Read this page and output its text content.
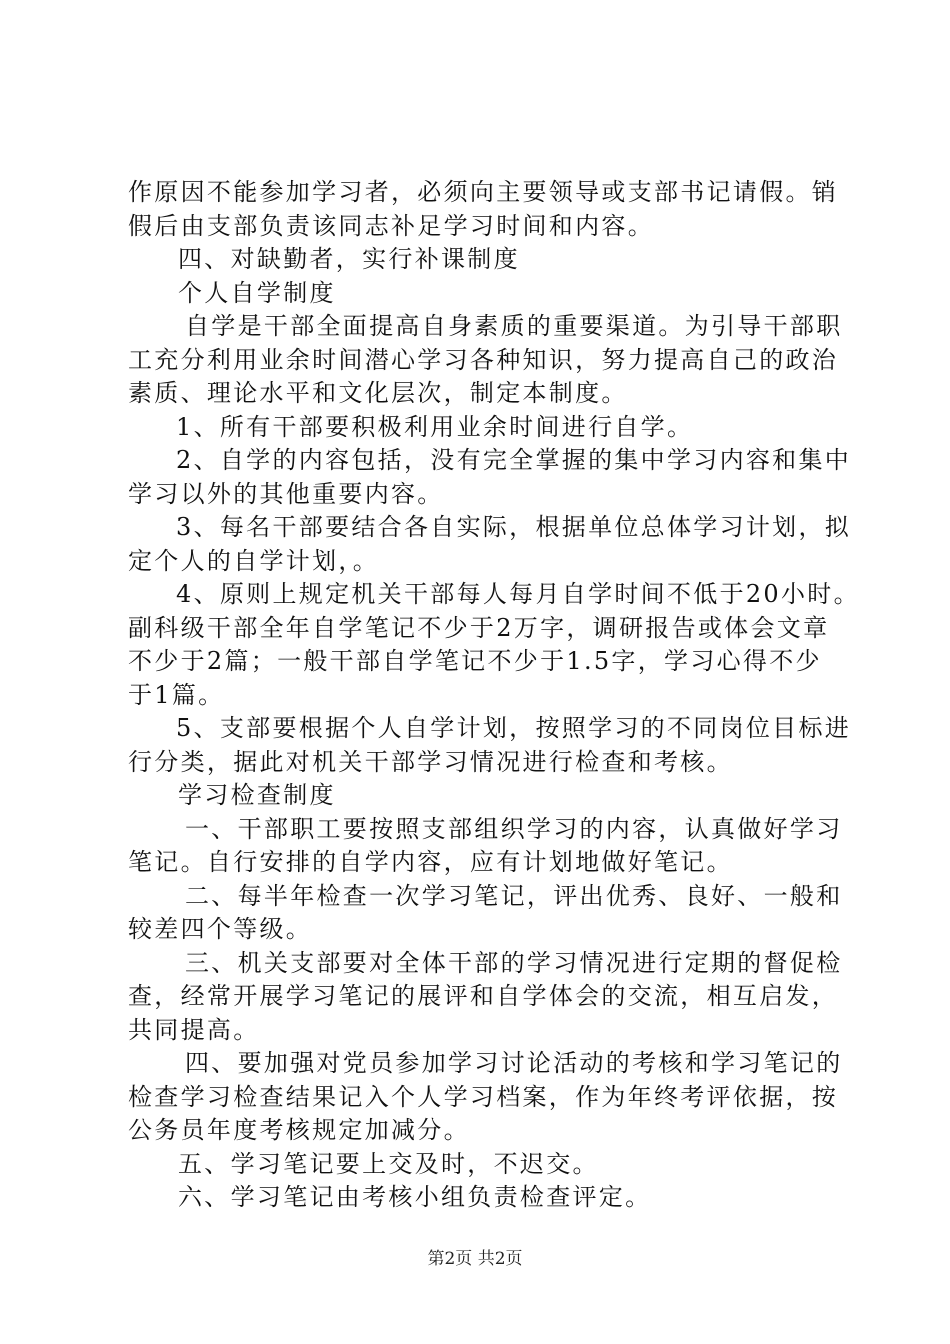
作原因不能参加学习者，必须向主要领导或支部书记请假。销
假后由支部负责该同志补足学习时间和内容。
四、对缺勤者，实行补课制度
个人自学制度
自学是干部全面提高自身素质的重要渠道。为引导干部职
工充分利用业余时间潜心学习各种知识，努力提高自己的政治
素质、理论水平和文化层次，制定本制度。
1、所有干部要积极利用业余时间进行自学。
2、自学的内容包括，没有完全掌握的集中学习内容和集中
学习以外的其他重要内容。
3、每名干部要结合各自实际，根据单位总体学习计划，拟
定个人的自学计划，。
4、原则上规定机关干部每人每月自学时间不低于20小时。
副科级干部全年自学笔记不少于2万字，调研报告或体会文章
不少于2篇；一般干部自学笔记不少于1.5字，学习心得不少
于1篇。
5、支部要根据个人自学计划，按照学习的不同岗位目标进
行分类，据此对机关干部学习情况进行检查和考核。
学习检查制度
一、干部职工要按照支部组织学习的内容，认真做好学习
笔记。自行安排的自学内容，应有计划地做好笔记。
二、每半年检查一次学习笔记，评出优秀、良好、一般和
较差四个等级。
三、机关支部要对全体干部的学习情况进行定期的督促检
查，经常开展学习笔记的展评和自学体会的交流，相互启发，
共同提高。
四、要加强对党员参加学习讨论活动的考核和学习笔记的
检查学习检查结果记入个人学习档案，作为年终考评依据，按
公务员年度考核规定加减分。
五、学习笔记要上交及时，不迟交。
六、学习笔记由考核小组负责检查评定。
第2页 共2页
